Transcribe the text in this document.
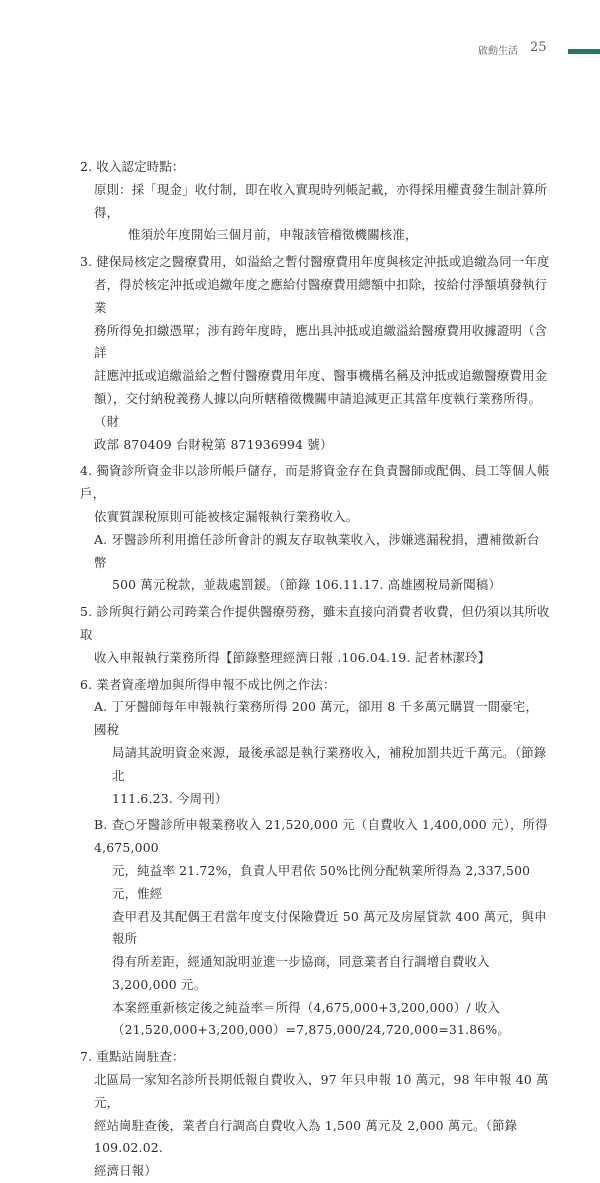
啟動生活 25

2. 收入認定時點：

原則：採「現金」收付制，即在收入實現時列帳記載，亦得採用權責發生制計算所得，

惟須於年度開始三個月前，申報該管稽徵機關核准，

3. 健保局核定之醫療費用，如溢給之暫付醫療費用年度與核定沖抵或追繳為同一年度

者，得於核定沖抵或追繳年度之應給付醫療費用總額中扣除，按給付淨額填發執行業

務所得免扣繳憑單；涉有跨年度時，應出具沖抵或追繳溢給醫療費用收據證明（含詳

註應沖抵或追繳溢給之暫付醫療費用年度、醫事機構名稱及沖抵或追繳醫療費用金

額），交付納稅義務人據以向所轄稽徵機關申請追減更正其當年度執行業務所得。（財

政部 870409 台財稅第 871936994 號）

4. 獨資診所資金非以診所帳戶儲存，而是將資金存在負責醫師或配偶、員工等個人帳戶，

依實質課稅原則可能被核定漏報執行業務收入。

A. 牙醫診所利用擔任診所會計的親友存取執業收入，涉嫌逃漏稅捐，遭補徵新台幣

500 萬元稅款，並裁處罰鍰。（節錄 106.11.17. 高雄國稅局新聞稿）

5. 診所與行銷公司跨業合作提供醫療勞務，雖未直接向消費者收費，但仍須以其所收取

收入申報執行業務所得【節錄整理經濟日報 .106.04.19. 記者林潔玲】

6. 業者資產增加與所得申報不成比例之作法：

A. 丁牙醫師每年申報執行業務所得 200 萬元，卻用 8 千多萬元購買一間豪宅，國稅

局請其說明資金來源，最後承認是執行業務收入，補稅加罰共近千萬元。（節錄北

111.6.23. 今周刊）

B. 查○牙醫診所申報業務收入 21,520,000 元（自費收入 1,400,000 元），所得 4,675,000

元，純益率 21.72%，負責人甲君依 50%比例分配執業所得為 2,337,500 元，惟經

查甲君及其配偶王君當年度支付保險費近 50 萬元及房屋貸款 400 萬元，與申報所

得有所差距，經通知說明並進一步協商，同意業者自行調增自費收入 3,200,000 元。

本案經重新核定後之純益率＝所得（4,675,000+3,200,000）/ 收入

（21,520,000+3,200,000）=7,875,000/24,720,000=31.86%。

7. 重點站崗駐查：

北區局一家知名診所長期低報自費收入，97 年只申報 10 萬元，98 年申報 40 萬元，

經站崗駐查後，業者自行調高自費收入為 1,500 萬元及 2,000 萬元。（節錄 109.02.02.

經濟日報）
